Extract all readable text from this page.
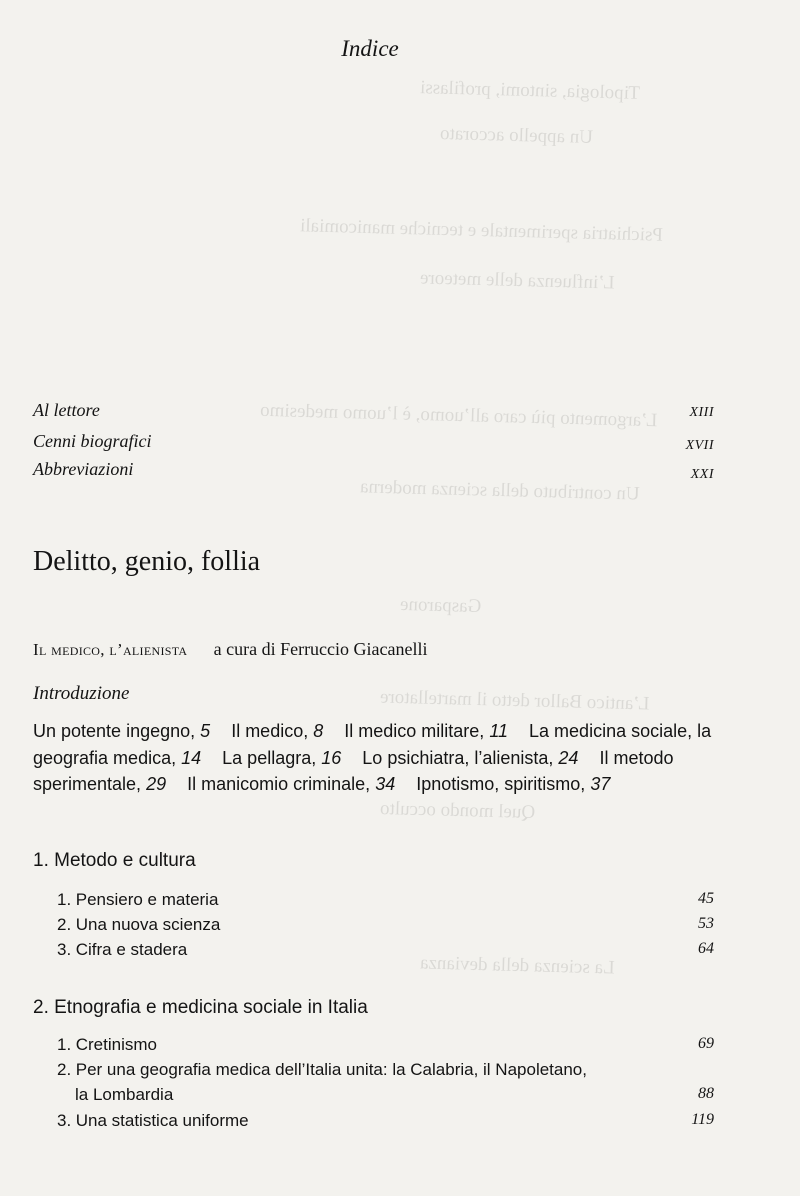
Tipologia, sintomi, profilassi
Un appello accorato
Psichiatria sperimentale e tecniche manicomiali
L’influenza delle meteore
L’argomento più caro all’uomo, è l’uomo medesimo
Un contributo della scienza moderna
Gasparone
L’antico Ballor detto il martellatore
Quel mondo occulto
La scienza della devianza
Indice
Al lettore	XIII
Cenni biografici	XVII
Abbreviazioni	XXI
Delitto, genio, follia
Il medico, l’alienista a cura di Ferruccio Giacanelli
Introduzione
Un potente ingegno, 5 Il medico, 8 Il medico militare, 11 La medicina sociale, la geografia medica, 14 La pellagra, 16 Lo psichiatra, l’alienista, 24 Il metodo sperimentale, 29 Il manicomio criminale, 34 Ipnotismo, spiritismo, 37
1. Metodo e cultura
1. Pensiero e materia	45
2. Una nuova scienza	53
3. Cifra e stadera	64
2. Etnografia e medicina sociale in Italia
1. Cretinismo	69
2. Per una geografia medica dell’Italia unita: la Calabria, il Napoletano,
la Lombardia	88
3. Una statistica uniforme	119
